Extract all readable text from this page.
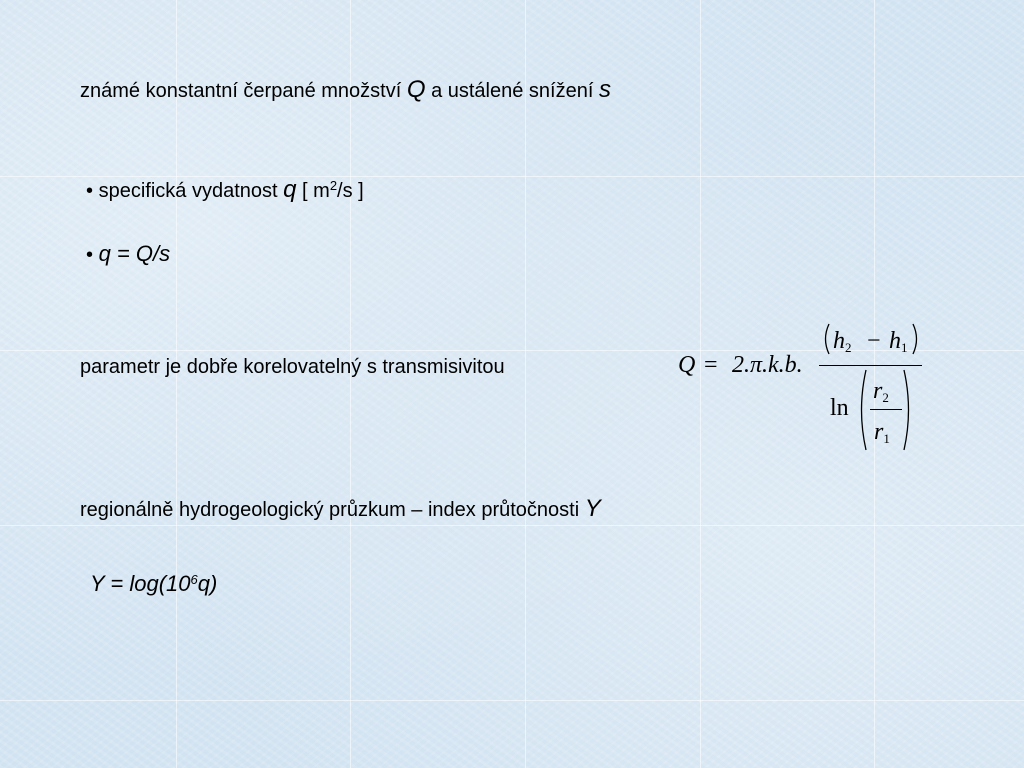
známé konstantní čerpané množství Q a ustálené snížení s
• specifická vydatnost q [ $m^2/s$ ]
• q = Q/s
parametr je dobře korelovatelný s transmisivitou	Q = 2.π.k.b.
$h_2 - h_1$
ln
$r_2$
$r_1$
regionálně hydrogeologický průzkum – index průtočnosti Y
$Y = \log(10^6q)$
